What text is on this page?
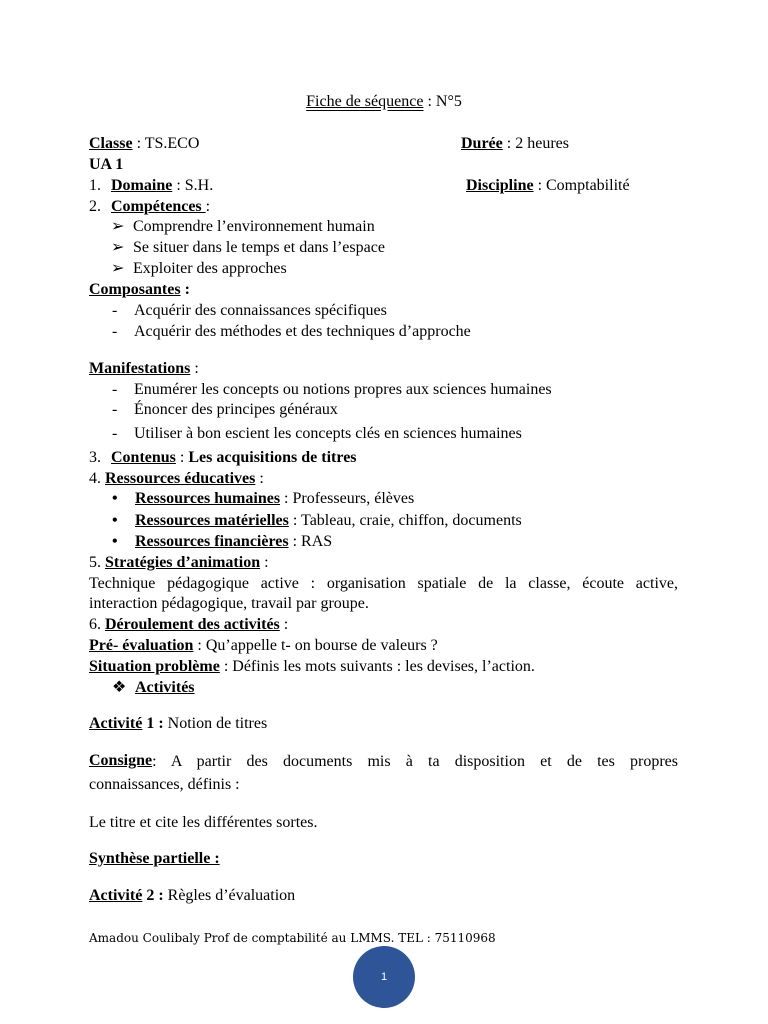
Fiche de séquence : N°5
Classe : TS.ECO	Durée : 2 heures
UA 1
1. Domaine : S.H.	Discipline : Comptabilité
2. Compétences :
➢ Comprendre l’environnement humain
➢ Se situer dans le temps et dans l’espace
➢ Exploiter des approches
Composantes :
- Acquérir des connaissances spécifiques
- Acquérir des méthodes et des techniques d’approche
Manifestations :
- Enumérer les concepts ou notions propres aux sciences humaines
- Énoncer des principes généraux
- Utiliser à bon escient les concepts clés en sciences humaines
3. Contenus : Les acquisitions de titres
4. Ressources éducatives :
• Ressources humaines : Professeurs, élèves
• Ressources matérielles : Tableau, craie, chiffon, documents
• Ressources financières : RAS
5. Stratégies d’animation :
Technique pédagogique active : organisation spatiale de la classe, écoute active,
interaction pédagogique, travail par groupe.
6. Déroulement des activités :
Pré- évaluation : Qu’appelle t- on bourse de valeurs ?
Situation problème : Définis les mots suivants : les devises, l’action.
❖ Activités
Activité 1 : Notion de titres
Consigne : A partir des documents mis à ta disposition et de tes propres
connaissances, définis :
Le titre et cite les différentes sortes.
Synthèse partielle :
Activité 2 : Règles d’évaluation
Amadou Coulibaly Prof de comptabilité au LMMS. TEL : 75110968
1
